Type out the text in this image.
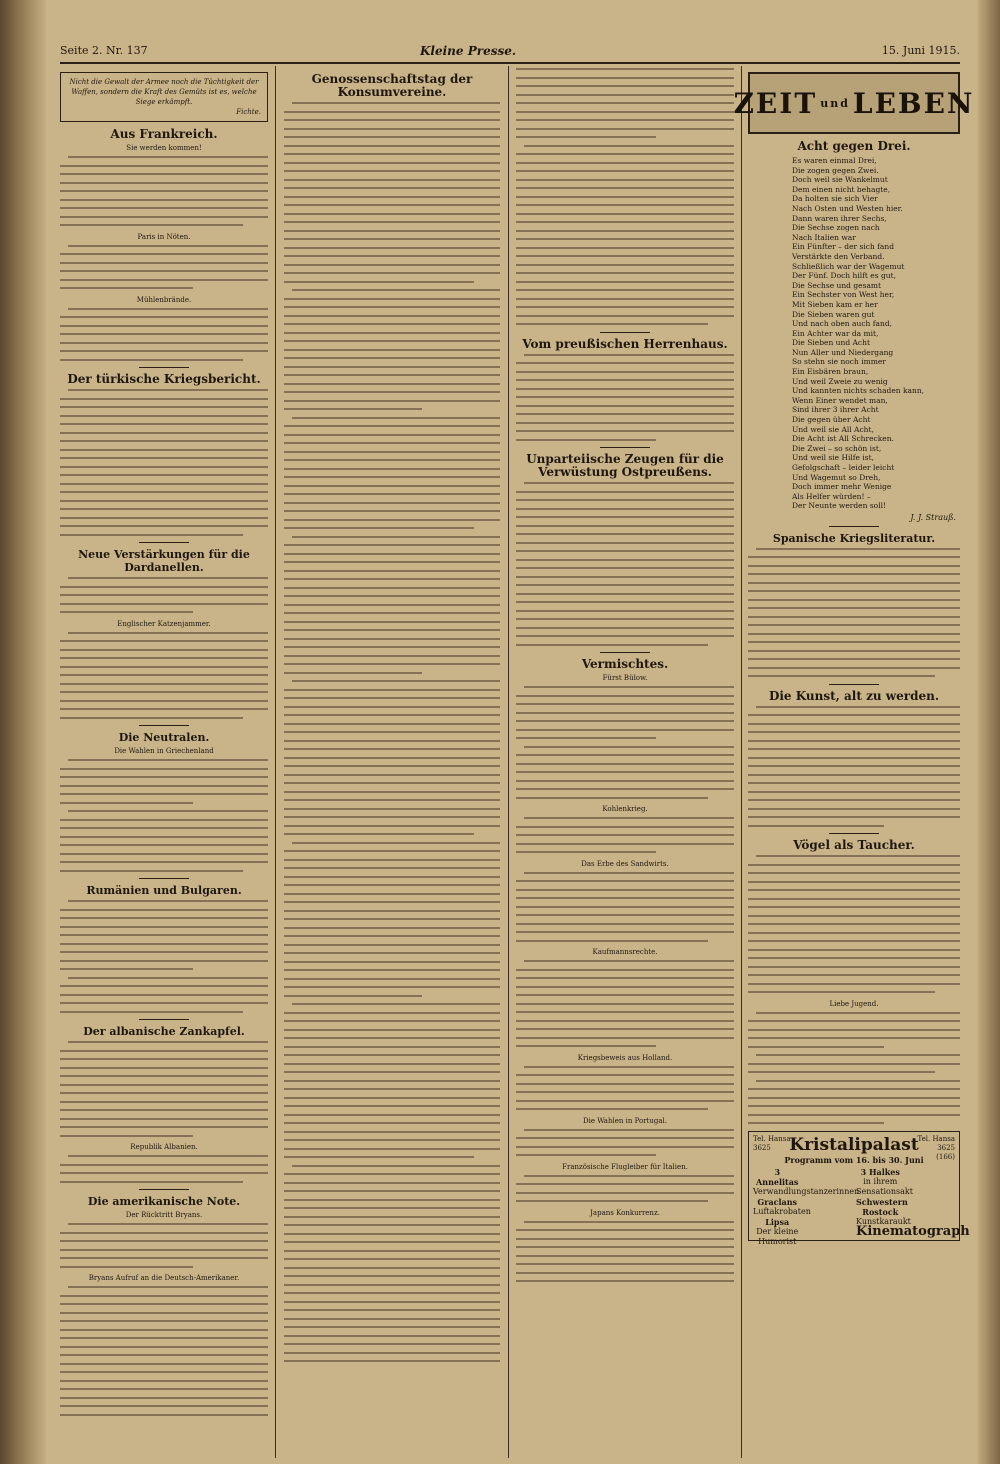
Seite 2. Nr. 137	Kleine Presse.	15. Juni 1915.
Nicht die Gewalt der Armee noch die Tüchtigkeit der Waffen, sondern die Kraft des Gemüts ist es, welche Siege erkämpft.
Fichte.
Aus Frankreich.
Sie werden kommen!
Paris in Nöten.
Mühlenbrände.
Der türkische Kriegsbericht.
Neue Verstärkungen für die Dardanellen.
Englischer Katzenjammer.
Die Neutralen.
Die Wahlen in Griechenland
Rumänien und Bulgaren.
Der albanische Zankapfel.
Republik Albanien.
Die amerikanische Note.
Der Rücktritt Bryans.
Bryans Aufruf an die Deutsch-Amerikaner.
Genossenschaftstag der Konsumvereine.
Vom preußischen Herrenhaus.
Unparteiische Zeugen für die Verwüstung Ostpreußens.
Vermischtes.
Fürst Bülow.
Kohlenkrieg.
Das Erbe des Sandwirts.
Kaufmannsrechte.
Kriegsbeweis aus Holland.
Die Wahlen in Portugal.
Französische Flugleiber für Italien.
Japans Konkurrenz.
ZEIT und LEBEN
Acht gegen Drei.
Es waren einmal Drei,
Die zogen gegen Zwei.
Doch weil sie Wankelmut
Dem einen nicht behagte,
Da holten sie sich Vier
Nach Osten und Westen hier.
Dann waren ihrer Sechs,
Die Sechse zogen nach
Nach Italien war
Ein Fünfter – der sich fand
Verstärkte den Verband.
Schließlich war der Wagemut
Der Fünf. Doch hilft es gut,
Die Sechse und gesamt
Ein Sechster von West her,
Mit Sieben kam er her
Die Sieben waren gut
Und nach oben auch fand,
Ein Achter war da mit,
Die Sieben und Acht
Nun Aller und Niedergang
So stehn sie noch immer
Ein Eisbären braun,
Und weil Zweie zu wenig
Und kannten nichts schaden kann,
Wenn Einer wendet man,
Sind ihrer 3 ihrer Acht
Die gegen über Acht
Und weil sie All Acht,
Die Acht ist All Schrecken.
Die Zwei – so schön ist,
Und weil sie Hilfe ist,
Gefolgschaft – leider leicht
Und Wagemut so Dreh,
Doch immer mehr Wenige
Als Helfer würden! –
Der Neunte werden soll!
J. J. Strauß.
Spanische Kriegsliteratur.
Die Kunst, alt zu werden.
Vögel als Taucher.
Liebe Jugend.
Tel. Hansa
3625
Tel. Hansa
3625
(166)
Kristalipalast
Programm vom 16. bis 30. Juni
3 Annelitas
Verwandlungstanzerinnen
Graclans
Luftakrobaten
Lipsa
Der kleine Humorist
3 Halkes
in ihrem Sensationsakt
Schwestern Rostock
Kunstkaraukt
Kinematograph
